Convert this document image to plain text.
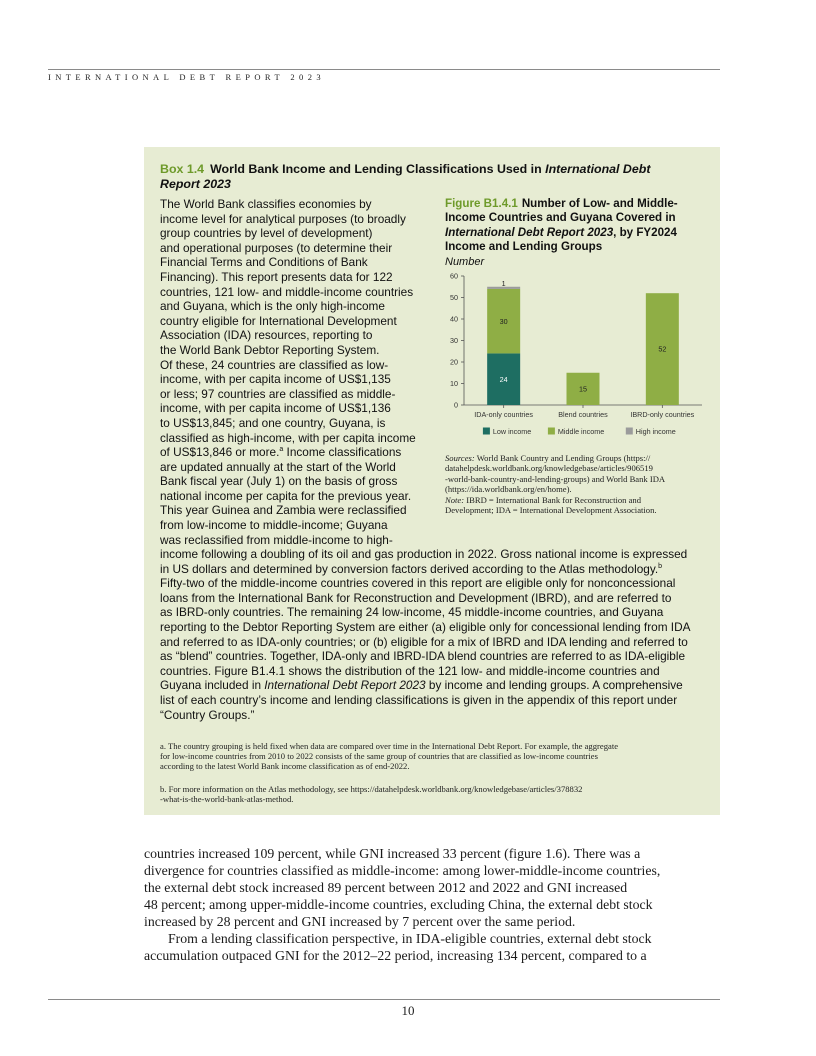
INTERNATIONAL DEBT REPORT 2023
Box 1.4 World Bank Income and Lending Classifications Used in International Debt
Report 2023
The World Bank classifies economies by
income level for analytical purposes (to broadly
group countries by level of development)
and operational purposes (to determine their
Financial Terms and Conditions of Bank
Financing). This report presents data for 122
countries, 121 low- and middle-income countries
and Guyana, which is the only high-income
country eligible for International Development
Association (IDA) resources, reporting to
the World Bank Debtor Reporting System.
Of these, 24 countries are classified as low-
income, with per capita income of US$1,135
or less; 97 countries are classified as middle-
income, with per capita income of US$1,136
to US$13,845; and one country, Guyana, is
classified as high-income, with per capita income
of US$13,846 or more.$^a$ Income classifications
are updated annually at the start of the World
Bank fiscal year (July 1) on the basis of gross
national income per capita for the previous year.
This year Guinea and Zambia were reclassified
from low-income to middle-income; Guyana
was reclassified from middle-income to high-
Figure B1.4.1 Number of Low- and Middle-
Income Countries and Guyana Covered in
International Debt Report 2023, by FY2024
Income and Lending Groups
Number
0
10
20
30
40
50
60
24
30
1
IDA-only countries
15
Blend countries
52
IBRD-only countries
Low income	Middle income	High income
Sources: World Bank Country and Lending Groups (https://
datahelpdesk.worldbank.org/knowledgebase/articles/906519
-world-bank-country-and-lending-groups) and World Bank IDA
(https://ida.worldbank.org/en/home).
Note: IBRD = International Bank for Reconstruction and
Development; IDA = International Development Association.
income following a doubling of its oil and gas production in 2022. Gross national income is expressed
in US dollars and determined by conversion factors derived according to the Atlas methodology.$^b$
Fifty-two of the middle-income countries covered in this report are eligible only for nonconcessional
loans from the International Bank for Reconstruction and Development (IBRD), and are referred to
as IBRD-only countries. The remaining 24 low-income, 45 middle-income countries, and Guyana
reporting to the Debtor Reporting System are either (a) eligible only for concessional lending from IDA
and referred to as IDA-only countries; or (b) eligible for a mix of IBRD and IDA lending and referred to
as “blend” countries. Together, IDA-only and IBRD-IDA blend countries are referred to as IDA-eligible
countries. Figure B1.4.1 shows the distribution of the 121 low- and middle-income countries and
Guyana included in International Debt Report 2023 by income and lending groups. A comprehensive
list of each country’s income and lending classifications is given in the appendix of this report under
“Country Groups.”
a. The country grouping is held fixed when data are compared over time in the International Debt Report. For example, the aggregate
for low-income countries from 2010 to 2022 consists of the same group of countries that are classified as low-income countries
according to the latest World Bank income classification as of end-2022.
b. For more information on the Atlas methodology, see https://datahelpdesk.worldbank.org/knowledgebase/articles/378832
-what-is-the-world-bank-atlas-method.
countries increased 109 percent, while GNI increased 33 percent (figure 1.6). There was a
divergence for countries classified as middle-income: among lower-middle-income countries,
the external debt stock increased 89 percent between 2012 and 2022 and GNI increased
48 percent; among upper-middle-income countries, excluding China, the external debt stock
increased by 28 percent and GNI increased by 7 percent over the same period.
From a lending classification perspective, in IDA-eligible countries, external debt stock
accumulation outpaced GNI for the 2012–22 period, increasing 134 percent, compared to a
10
